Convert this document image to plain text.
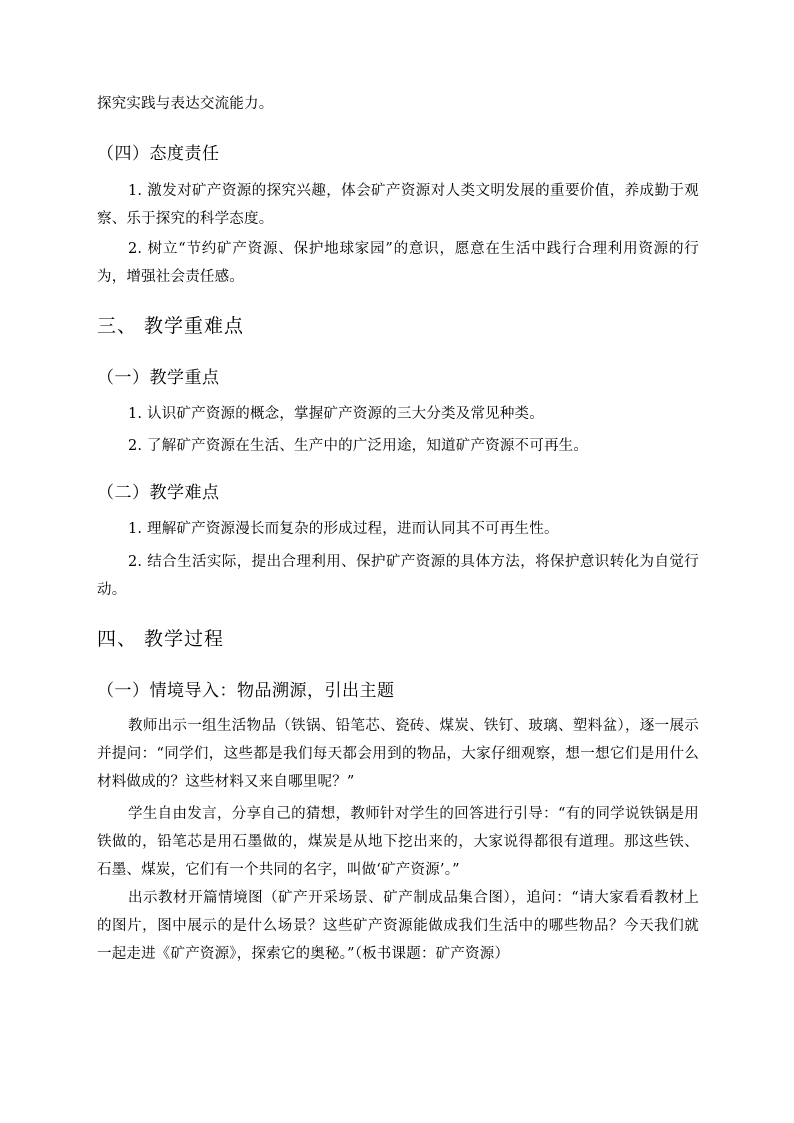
探究实践与表达交流能力。
（四）态度责任
1. 激发对矿产资源的探究兴趣，体会矿产资源对人类文明发展的重要价值，养成勤于观察、乐于探究的科学态度。
2. 树立“节约矿产资源、保护地球家园”的意识，愿意在生活中践行合理利用资源的行为，增强社会责任感。
三、 教学重难点
（一）教学重点
1. 认识矿产资源的概念，掌握矿产资源的三大分类及常见种类。
2. 了解矿产资源在生活、生产中的广泛用途，知道矿产资源不可再生。
（二）教学难点
1. 理解矿产资源漫长而复杂的形成过程，进而认同其不可再生性。
2. 结合生活实际，提出合理利用、保护矿产资源的具体方法，将保护意识转化为自觉行动。
四、 教学过程
（一）情境导入：物品溯源，引出主题
教师出示一组生活物品（铁锅、铅笔芯、瓷砖、煤炭、铁钉、玻璃、塑料盆），逐一展示并提问：“同学们，这些都是我们每天都会用到的物品，大家仔细观察，想一想它们是用什么材料做成的？这些材料又来自哪里呢？”
学生自由发言，分享自己的猜想，教师针对学生的回答进行引导：“有的同学说铁锅是用铁做的，铅笔芯是用石墨做的，煤炭是从地下挖出来的，大家说得都很有道理。那这些铁、石墨、煤炭，它们有一个共同的名字，叫做‘矿产资源’。”
出示教材开篇情境图（矿产开采场景、矿产制成品集合图），追问：“请大家看看教材上的图片，图中展示的是什么场景？这些矿产资源能做成我们生活中的哪些物品？今天我们就一起走进《矿产资源》，探索它的奥秘。”（板书课题：矿产资源）
